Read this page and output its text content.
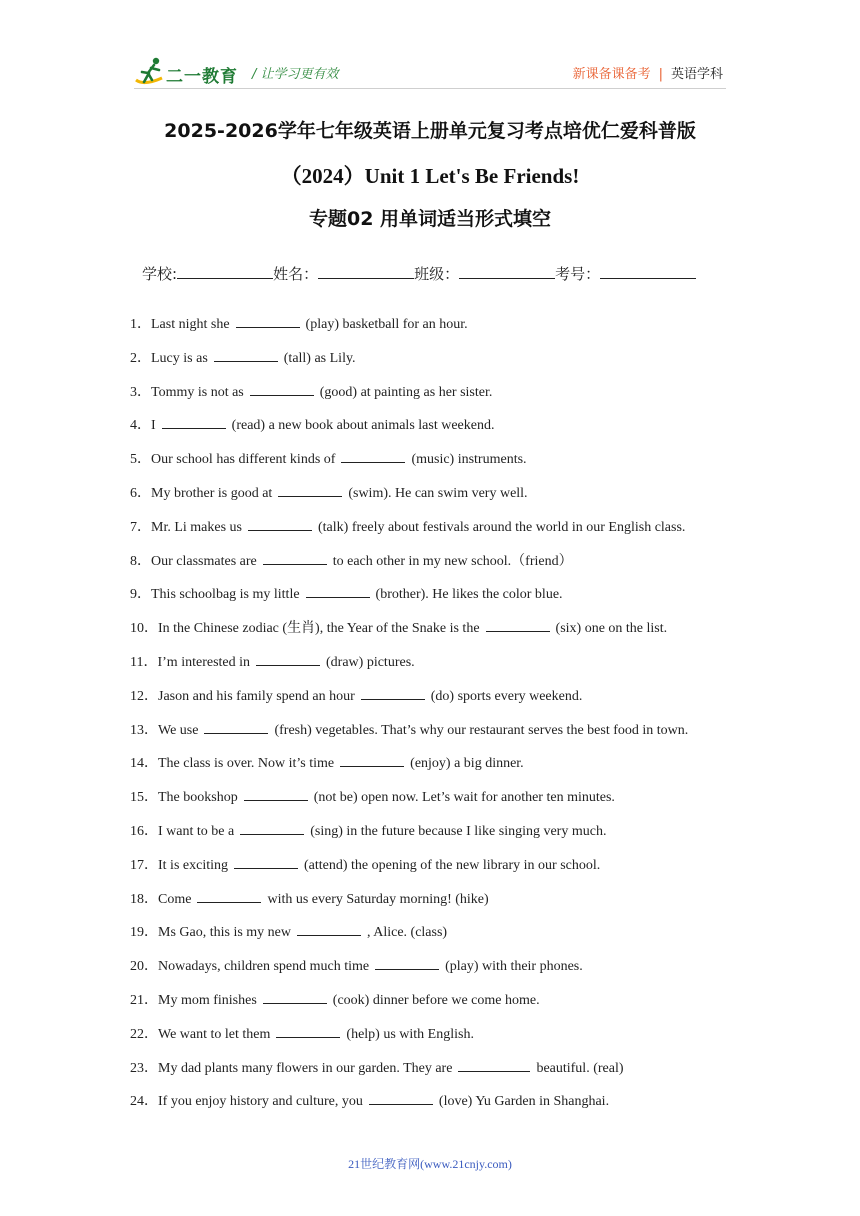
二一教育 / 让学习更有效	新课备课备考 | 英语学科
2025-2026学年七年级英语上册单元复习考点培优仁爱科普版
（2024）Unit 1 Let's Be Friends!
专题02 用单词适当形式填空
学校:	姓名：	班级：	考号：
1．Last night she	(play) basketball for an hour.
2．Lucy is as	(tall) as Lily.
3．Tommy is not as	(good) at painting as her sister.
4．I	(read) a new book about animals last weekend.
5．Our school has different kinds of	(music) instruments.
6．My brother is good at	(swim). He can swim very well.
7．Mr. Li makes us	(talk) freely about festivals around the world in our English class.
8．Our classmates are	to each other in my new school.（friend）
9．This schoolbag is my little	(brother). He likes the color blue.
10．In the Chinese zodiac (生肖), the Year of the Snake is the	(six) one on the list.
11．I’m interested in	(draw) pictures.
12．Jason and his family spend an hour	(do) sports every weekend.
13．We use	(fresh) vegetables. That’s why our restaurant serves the best food in town.
14．The class is over. Now it’s time	(enjoy) a big dinner.
15．The bookshop	(not be) open now. Let’s wait for another ten minutes.
16．I want to be a	(sing) in the future because I like singing very much.
17．It is exciting	(attend) the opening of the new library in our school.
18．Come	with us every Saturday morning! (hike)
19．Ms Gao, this is my new	, Alice. (class)
20．Nowadays, children spend much time	(play) with their phones.
21．My mom finishes	(cook) dinner before we come home.
22．We want to let them	(help) us with English.
23．My dad plants many flowers in our garden. They are	beautiful. (real)
24．If you enjoy history and culture, you	(love) Yu Garden in Shanghai.
21世纪教育网(www.21cnjy.com)
